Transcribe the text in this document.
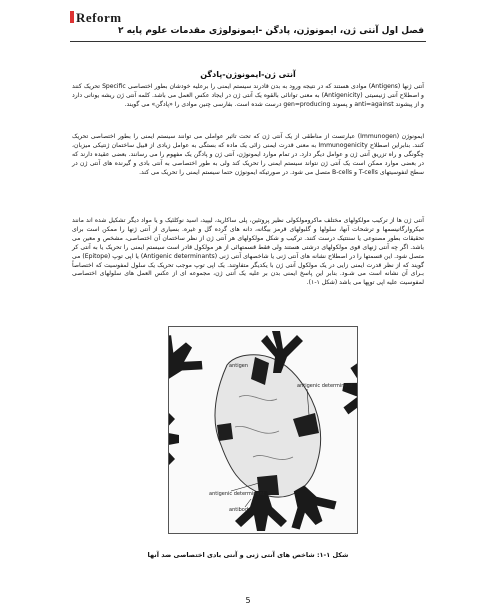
Reform
فصل اول آنتی ژن، ایمونوژن، پادگن -ایمونولوژی مقدمات علوم پایه ۲
آنتی ژن-ایمونوژن-پادگن

آنتی ژنها (Antigens) موادی هستند که در نتیجه ورود به بدن قادرند سیستم ایمنی را برعلیه خودشان بطور اختصاصی Specific تحریک کنند و اصطلاح آنتی ژنیسیتی (Antigenicity) به معنی توانائی بالقوه یک آنتی ژن در ایجاد عکس العمل می باشد. کلمه آنتی ژن ریشه یونانی دارد و از پیشوند anti=against و پسوند gen=producing درست شده است. بفارسی چنین موادی را «پادگن» می گویند.

ایمونوژن (Immunogen) عبارتست از مناطقی از یک آنتی ژن که تحت تاثیر عواملی می توانند سیستم ایمنی را بطور اختصاصی تحریک کنند. بنابراین اصطلاح Immunogenicity به معنی قدرت ایمنی زائی یک ماده که بستگی به عوامل زیادی از قبیل ساختمان ژنتیکی میزبان، چگونگی و راه تزریق آنتی ژن و عوامل دیگر دارد. در تمام موارد ایمونوژن، آنتی ژن و پادگن یک مفهوم را می رسانند. بعضی عقیده دارند که در بعضی موارد ممکن است یک آنتی ژن نتواند سیستم ایمنی را تحریک کند ولی به طور اختصاصی به آنتی بادی و گیرنده های آنتی ژن در سطح لنفوسیتهای T-cells و B-cells متصل می شود. در صورتیکه ایمونوژن حتما سیستم ایمنی را تحریک می کند.

آنتی ژن ها از ترکیب مولکولهای مختلف ماکرومولکولی نظیر پروتئین، پلی ساکارید، لیپید، اسید نوکلئیک و یا مواد دیگر تشکیل شده اند مانند میکروارگانیسمها و ترشحات آنها، سلولها و گلبولهای قرمز بیگانه، دانه های گرده گل و غیره. بسیاری از آنتی ژنها را ممکن است برای تحقیقات بطور مصنوعی یا سنتتیک درست کنند. ترکیب و شکل مولکولهای هر آنتی ژن از نظر ساختمان آن اختصاصی، مشخص و معین می باشد. اگر چه آنتی ژنهای قوی مولکولهای درشتی هستند ولی فقط قسمتهائی از هر مولکول قادر است سیستم ایمنی را تحریک یا به آنتی کر متصل شود. این قسمتها را در اصطلاح نشانه های آنتی ژنی یا شاخصهای آنتی ژنی (Antigenic determinants) یا اپی توپ (Epitope) می گویند که از نظر قدرت ایمنی زایی در یک مولکول آنتی ژن با یکدیگر متفاوتند. یک اپی توپ موجب تحریک یک سلول لمفوسیت که اختصاصاً بـرای آن نشانه است می شـود. بنابر این پاسخ ایمنی بدن بر علیه یک آنتی ژن، مجموعه ای از عکس العمل های سلولهای اختصاصی لمفوسیت علیه اپی توپها می باشد (شکل ۱-۱).

antigen
antigenic determinant
antigenic determinant
antibody
شکل ۱-۱: شاخص های آنتی ژنی و آنتی بادی اختصاصی ضد آنها
5
